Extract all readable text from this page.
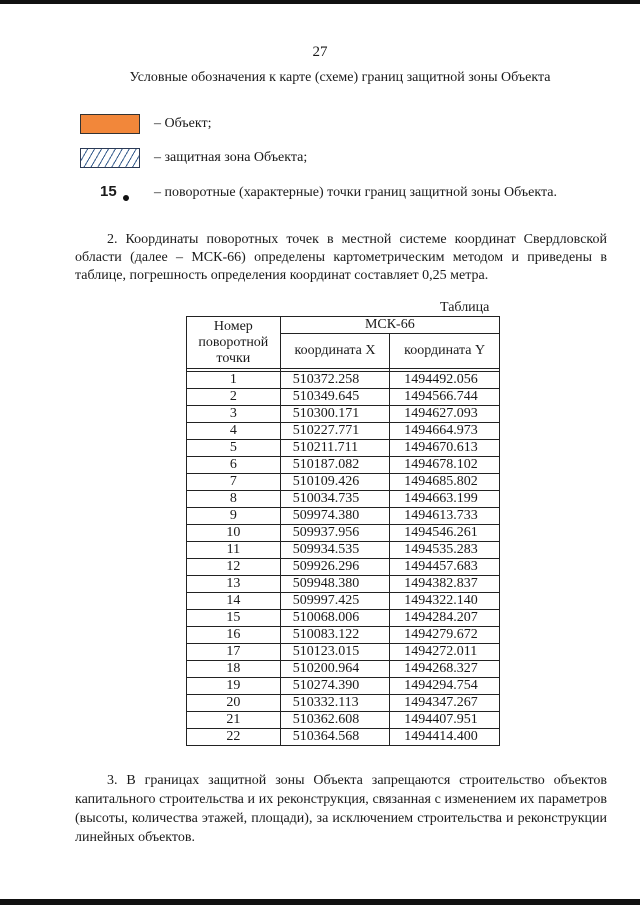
27
Условные обозначения к карте (схеме) границ защитной зоны Объекта
– Объект;
– защитная зона Объекта;
15	– поворотные (характерные) точки границ защитной зоны Объекта.
2. Координаты поворотных точек в местной системе координат Свердловской области (далее – МСК-66) определены картометрическим методом и приведены в таблице, погрешность определения координат составляет 0,25 метра.
Таблица
Номер поворотной точки	МСК-66	
	координата X	координата Y

1	510372.258	1494492.056
2	510349.645	1494566.744
3	510300.171	1494627.093
4	510227.771	1494664.973
5	510211.711	1494670.613
6	510187.082	1494678.102
7	510109.426	1494685.802
8	510034.735	1494663.199
9	509974.380	1494613.733
10	509937.956	1494546.261
11	509934.535	1494535.283
12	509926.296	1494457.683
13	509948.380	1494382.837
14	509997.425	1494322.140
15	510068.006	1494284.207
16	510083.122	1494279.672
17	510123.015	1494272.011
18	510200.964	1494268.327
19	510274.390	1494294.754
20	510332.113	1494347.267
21	510362.608	1494407.951
22	510364.568	1494414.400
3. В границах защитной зоны Объекта запрещаются строительство объектов капитального строительства и их реконструкция, связанная с изменением их параметров (высоты, количества этажей, площади), за исключением строительства и реконструкции линейных объектов.
